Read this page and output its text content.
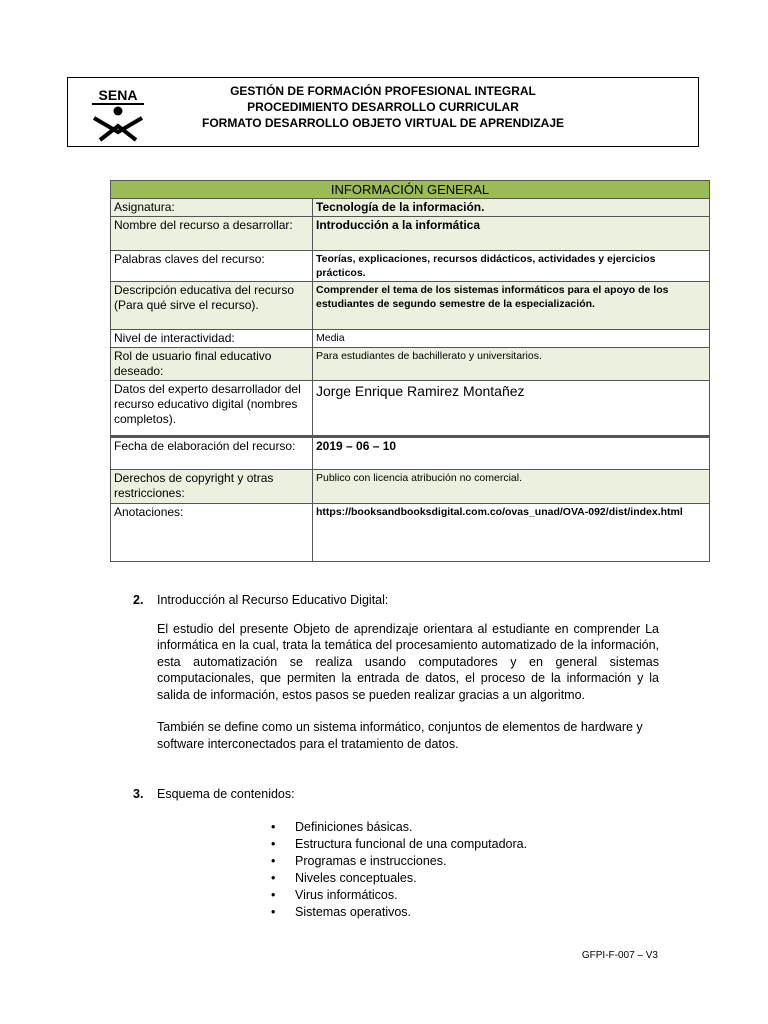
SENA	GESTIÓN DE FORMACIÓN PROFESIONAL INTEGRAL
PROCEDIMIENTO DESARROLLO CURRICULAR
FORMATO DESARROLLO OBJETO VIRTUAL DE APRENDIZAJE
INFORMACIÓN GENERAL	
Asignatura:	Tecnología de la información.
Nombre del recurso a desarrollar:	Introducción a la informática
Palabras claves del recurso:	Teorías, explicaciones, recursos didácticos, actividades y ejercicios prácticos.
Descripción educativa del recurso (Para qué sirve el recurso).	Comprender el tema de los sistemas informáticos para el apoyo de los estudiantes de segundo semestre de la especialización.
Nivel de interactividad:	Media
Rol de usuario final educativo deseado:	Para estudiantes de bachillerato y universitarios.
Datos del experto desarrollador del recurso educativo digital (nombres completos).	Jorge Enrique Ramirez Montañez
Fecha de elaboración del recurso:	2019 – 06 – 10
Derechos de copyright y otras restricciones:	Publico con licencia atribución no comercial.
Anotaciones:	https://booksandbooksdigital.com.co/ovas_unad/OVA-092/dist/index.html
2.	Introducción al Recurso Educativo Digital:

El estudio del presente Objeto de aprendizaje orientara al estudiante en comprender La informática en la cual, trata la temática del procesamiento automatizado de la información, esta automatización se realiza usando computadores y en general sistemas computacionales, que permiten la entrada de datos, el proceso de la información y la salida de información, estos pasos se pueden realizar gracias a un algoritmo.

También se define como un sistema informático, conjuntos de elementos de hardware y software interconectados para el tratamiento de datos.

3.	Esquema de contenidos:
•	Definiciones básicas.
•	Estructura funcional de una computadora.
•	Programas e instrucciones.
•	Niveles conceptuales.
•	Virus informáticos.
•	Sistemas operativos.
GFPI-F-007 – V3
